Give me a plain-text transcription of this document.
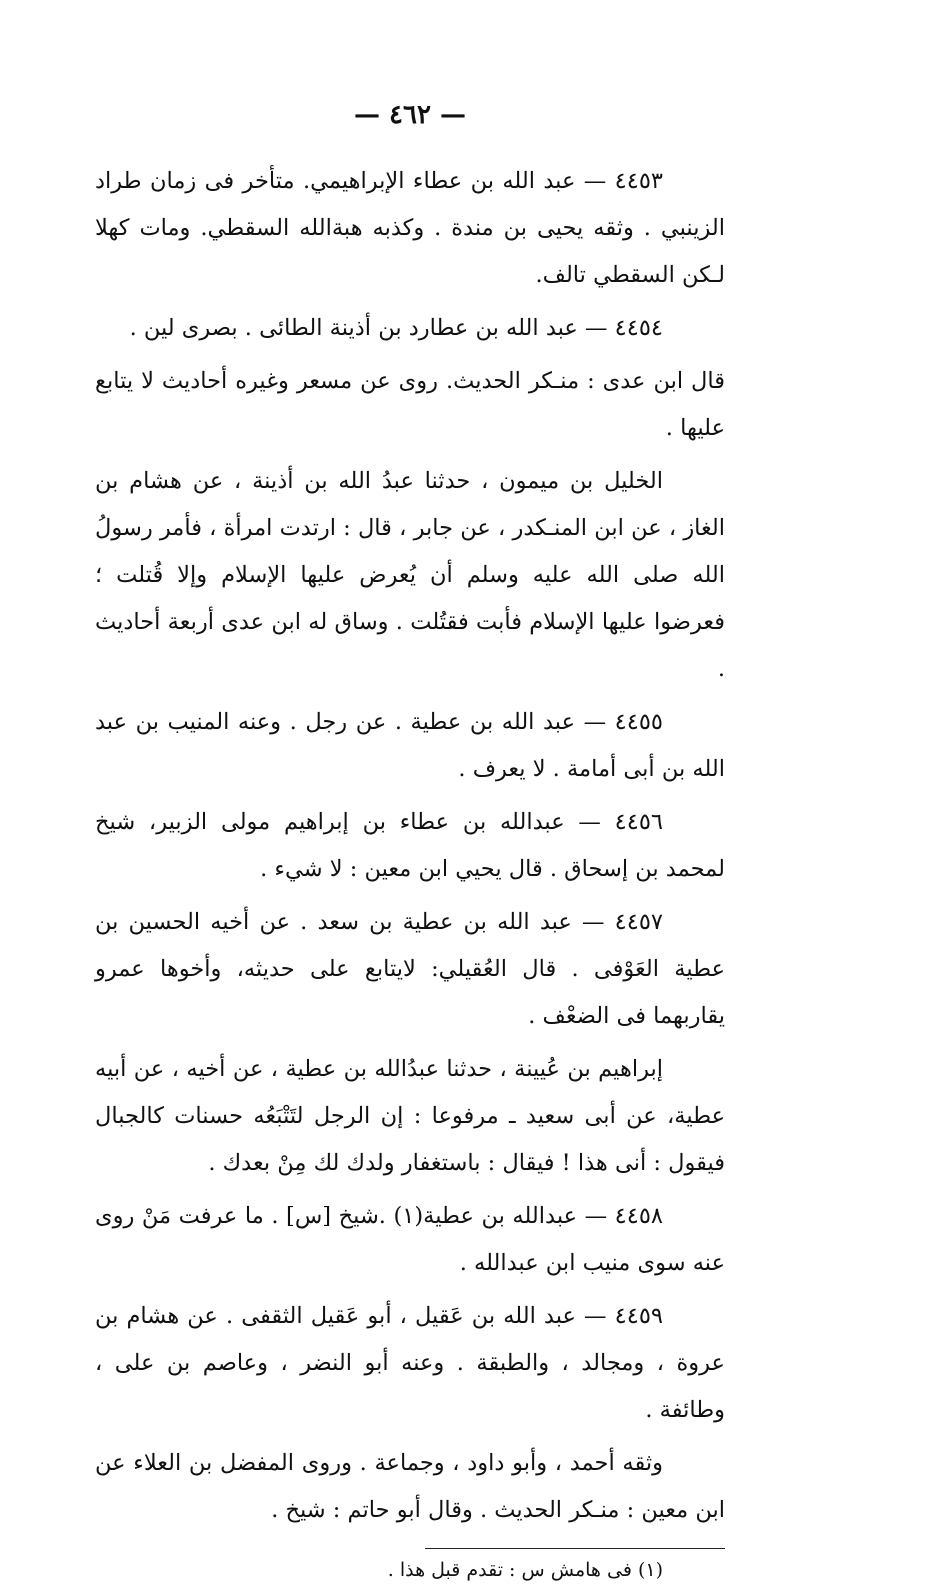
— ٤٦٢ —

٤٤٥٣ — عبد الله بن عطاء الإبراهيمي. متأخر فى زمان طراد الزينبي . وثقه يحيى بن مندة . وكذبه هبةالله السقطي. ومات كهلا لـكن السقطي تالف.

٤٤٥٤ — عبد الله بن عطارد بن أذينة الطائى . بصرى لين .

قال ابن عدى : منـكر الحديث. روى عن مسعر وغيره أحاديث لا يتابع عليها .

الخليل بن ميمون ، حدثنا عبدُ الله بن أذينة ، عن هشام بن الغاز ، عن ابن المنـكدر ، عن جابر ، قال : ارتدت امرأة ، فأمر رسولُ الله صلى الله عليه وسلم أن يُعرض عليها الإسلام وإلا قُتلت ؛ فعرضوا عليها الإسلام فأبت فقتُلت . وساق له ابن عدى أربعة أحاديث .

٤٤٥٥ — عبد الله بن عطية . عن رجل . وعنه المنيب بن عبد الله بن أبى أمامة . لا يعرف .

٤٤٥٦ — عبدالله بن عطاء بن إبراهيم مولى الزبير، شيخ لمحمد بن إسحاق . قال يحيي ابن معين : لا شيء .

٤٤٥٧ — عبد الله بن عطية بن سعد . عن أخيه الحسين بن عطية العَوْفى . قال العُقيلي: لايتابع على حديثه، وأخوها عمرو يقاربهما فى الضعْف .

إبراهيم بن عُيينة ، حدثنا عبدُالله بن عطية ، عن أخيه ، عن أبيه عطية، عن أبى سعيد ـ مرفوعا : إن الرجل لتَتْبَعُه حسنات كالجبال فيقول : أنى هذا ! فيقال : باستغفار ولدك لك مِنْ بعدك .

٤٤٥٨ — عبدالله بن عطية(١) .شيخ [س] . ما عرفت مَنْ روى عنه سوى منيب ابن عبدالله .

٤٤٥٩ — عبد الله بن عَقيل ، أبو عَقيل الثقفى . عن هشام بن عروة ، ومجالد ، والطبقة . وعنه أبو النضر ، وعاصم بن على ، وطائفة .

وثقه أحمد ، وأبو داود ، وجماعة . وروى المفضل بن العلاء عن ابن معين : منـكر الحديث . وقال أبو حاتم : شيخ .

(١) فى هامش س : تقدم قبل هذا .
